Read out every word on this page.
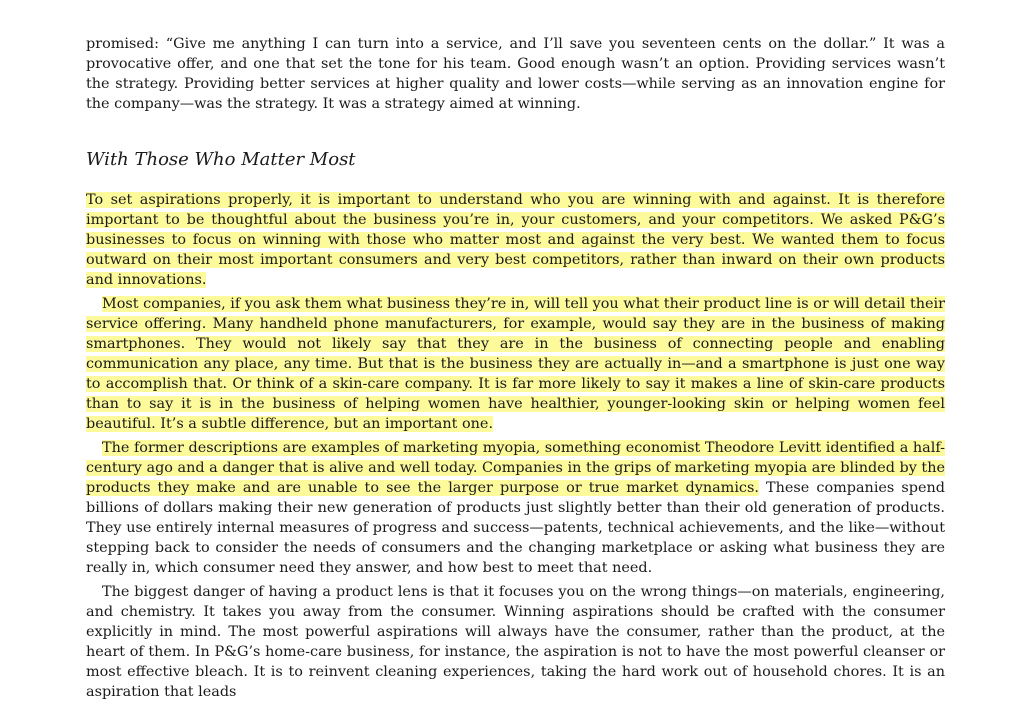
promised: “Give me anything I can turn into a service, and I’ll save you seventeen cents on the dollar.” It was a provocative offer, and one that set the tone for his team. Good enough wasn’t an option. Providing services wasn’t the strategy. Providing better services at higher quality and lower costs—while serving as an innovation engine for the company—was the strategy. It was a strategy aimed at winning.

With Those Who Matter Most

To set aspirations properly, it is important to understand who you are winning with and against. It is therefore important to be thoughtful about the business you’re in, your customers, and your competitors. We asked P&G’s businesses to focus on winning with those who matter most and against the very best. We wanted them to focus outward on their most important consumers and very best competitors, rather than inward on their own products and innovations.

Most companies, if you ask them what business they’re in, will tell you what their product line is or will detail their service offering. Many handheld phone manufacturers, for example, would say they are in the business of making smartphones. They would not likely say that they are in the business of connecting people and enabling communication any place, any time. But that is the business they are actually in—and a smartphone is just one way to accomplish that. Or think of a skin-care company. It is far more likely to say it makes a line of skin-care products than to say it is in the business of helping women have healthier, younger-looking skin or helping women feel beautiful. It’s a subtle difference, but an important one.

The former descriptions are examples of marketing myopia, something economist Theodore Levitt identified a half-century ago and a danger that is alive and well today. Companies in the grips of marketing myopia are blinded by the products they make and are unable to see the larger purpose or true market dynamics. These companies spend billions of dollars making their new generation of products just slightly better than their old generation of products. They use entirely internal measures of progress and success—patents, technical achievements, and the like—without stepping back to consider the needs of consumers and the changing marketplace or asking what business they are really in, which consumer need they answer, and how best to meet that need.

The biggest danger of having a product lens is that it focuses you on the wrong things—on materials, engineering, and chemistry. It takes you away from the consumer. Winning aspirations should be crafted with the consumer explicitly in mind. The most powerful aspirations will always have the consumer, rather than the product, at the heart of them. In P&G’s home-care business, for instance, the aspiration is not to have the most powerful cleanser or most effective bleach. It is to reinvent cleaning experiences, taking the hard work out of household chores. It is an aspiration that leads
